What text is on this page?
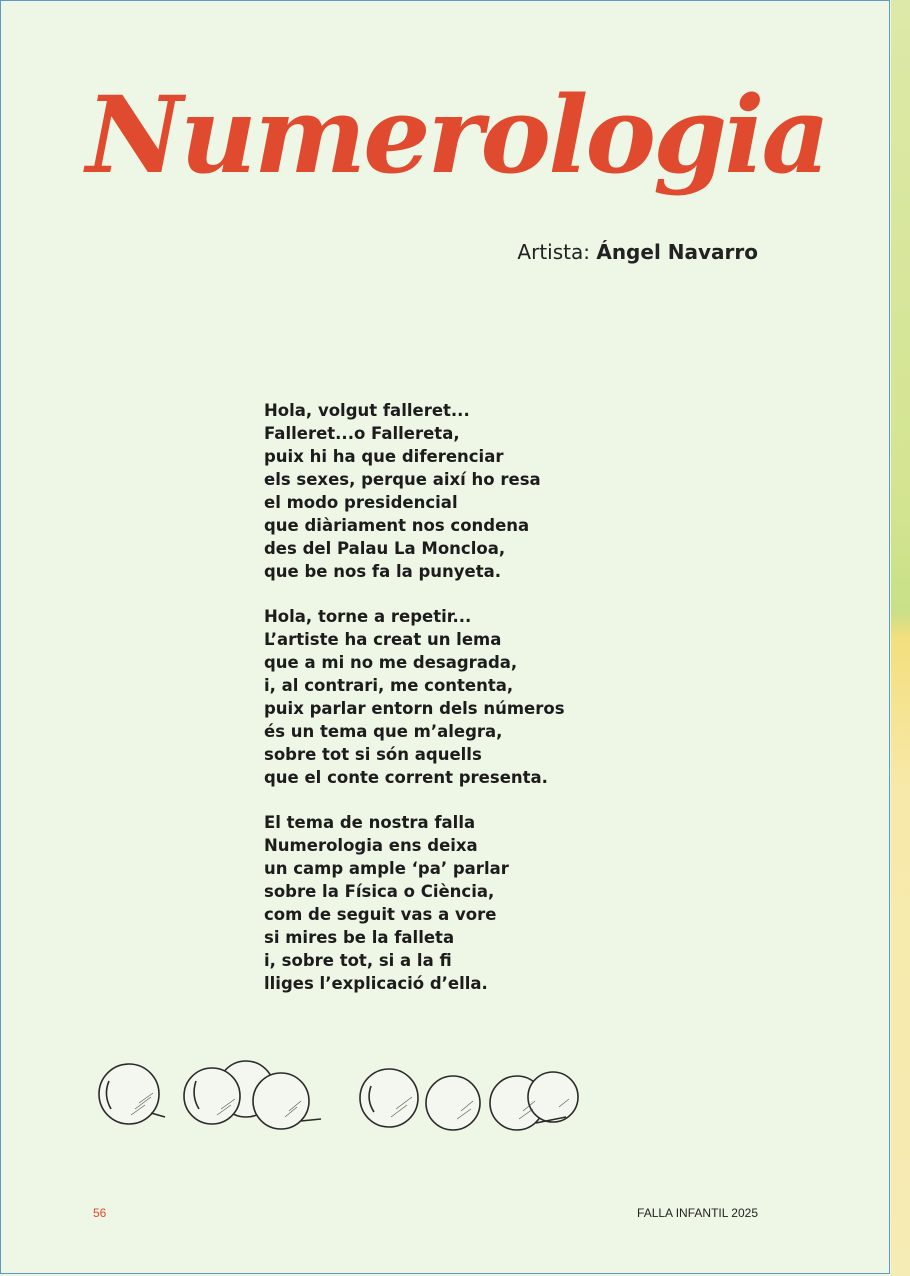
Numerologia
Artista: Ángel Navarro
Hola, volgut falleret...
Falleret...o Fallereta,
puix hi ha que diferenciar
els sexes, perque així ho resa
el modo presidencial
que diàriament nos condena
des del Palau La Moncloa,
que be nos fa la punyeta.
Hola, torne a repetir...
L’artiste ha creat un lema
que a mi no me desagrada,
i, al contrari, me contenta,
puix parlar entorn dels números
és un tema que m’alegra,
sobre tot si són aquells
que el conte corrent presenta.
El tema de nostra falla
Numerologia ens deixa
un camp ample ‘pa’ parlar
sobre la Física o Ciència,
com de seguit vas a vore
si mires be la falleta
i, sobre tot, si a la fi
lliges l’explicació d’ella.
56	FALLA INFANTIL 2025
